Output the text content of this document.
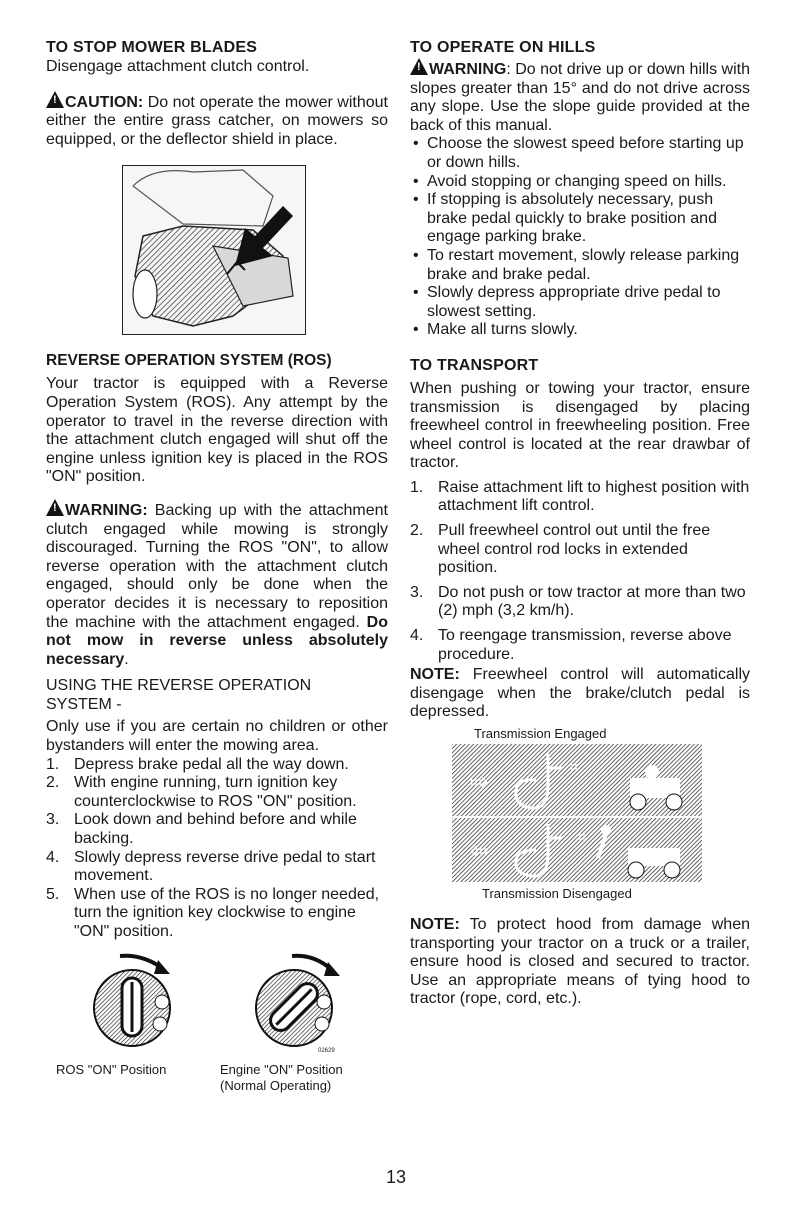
TO STOP MOWER BLADES

Disengage attachment clutch control.

! CAUTION: Do not operate the mower without either the entire grass catcher, on mowers so equipped, or the deflector shield in place.

REVERSE OPERATION SYSTEM (ROS)

Your tractor is equipped with a Reverse Operation System (ROS). Any attempt by the operator to travel in the reverse direction with the attachment clutch engaged will shut off the engine unless ignition key is placed in the ROS "ON" position.

! WARNING: Backing up with the attachment clutch engaged while mowing is strongly discouraged. Turning the ROS "ON", to allow reverse operation with the attachment clutch engaged, should only be done when the operator decides it is necessary to reposition the machine with the attachment engaged. Do not mow in reverse unless absolutely necessary.

USING THE REVERSE OPERATION
SYSTEM -

Only use if you are certain no children or other bystanders will enter the mowing area.

1. Depress brake pedal all the way down.
2. With engine running, turn ignition key counterclockwise to ROS "ON" position.
3. Look down and behind before and while backing.
4. Slowly depress reverse drive pedal to start movement.
5. When use of the ROS is no longer needed, turn the ignition key clockwise to engine "ON" position.
02629
ROS "ON" Position	Engine "ON" Position
(Normal Operating)
TO OPERATE ON HILLS

! WARNING: Do not drive up or down hills with slopes greater than 15° and do not drive across any slope. Use the slope guide provided at the back of this manual.

• Choose the slowest speed before starting up or down hills.
• Avoid stopping or changing speed on hills.
• If stopping is absolutely necessary, push brake pedal quickly to brake position and engage parking brake.
• To restart movement, slowly release parking brake and brake pedal.
• Slowly depress appropriate drive pedal to slowest setting.
• Make all turns slowly.
TO TRANSPORT

When pushing or towing your tractor, ensure transmission is disengaged by placing freewheel control in freewheeling position. Free wheel control is located at the rear drawbar of tractor.

1. Raise attachment lift to highest position with attachment lift control.
2. Pull freewheel control out until the free wheel control rod locks in extended position.
3. Do not push or tow tractor at more than two (2) mph (3,2 km/h).
4. To reengage transmission, reverse above procedure.

NOTE: Freewheel control will automatically disengage when the brake/clutch pedal is depressed.

Transmission Engaged
⇨
=
⇦
=
Transmission Disengaged

NOTE: To protect hood from damage when transporting your tractor on a truck or a trailer, ensure hood is closed and secured to tractor. Use an appropriate means of tying hood to tractor (rope, cord, etc.).

13
